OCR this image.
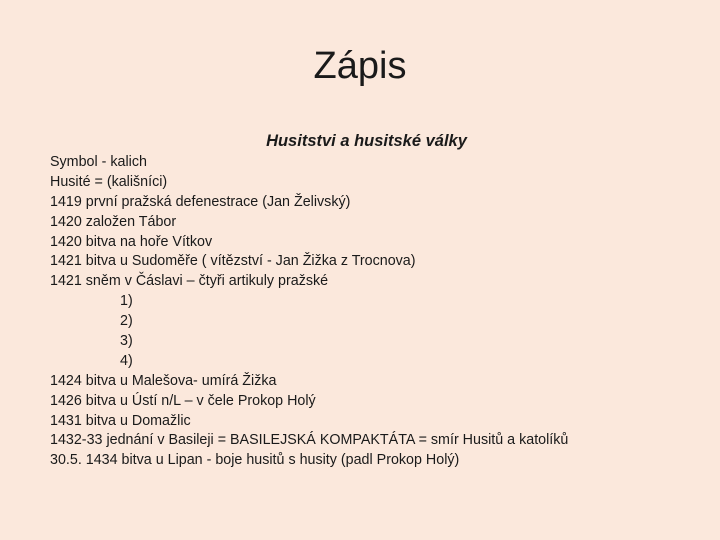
Zápis
Husitstvi a husitské války
Symbol - kalich
Husité = (kališníci)
1419 první pražská defenestrace (Jan Želivský)
1420 založen Tábor
1420 bitva na hoře Vítkov
1421 bitva u Sudoměře ( vítězství - Jan Žižka z Trocnova)
1421 sněm v Čáslavi – čtyři artikuly pražské
1)
2)
3)
4)
1424 bitva u Malešova- umírá Žižka
1426 bitva u Ústí n/L – v čele Prokop Holý
1431 bitva u Domažlic
1432-33 jednání v Basileji = BASILEJSKÁ KOMPAKTÁTA = smír Husitů a katolíků
30.5. 1434 bitva u Lipan - boje husitů s husity (padl Prokop Holý)
